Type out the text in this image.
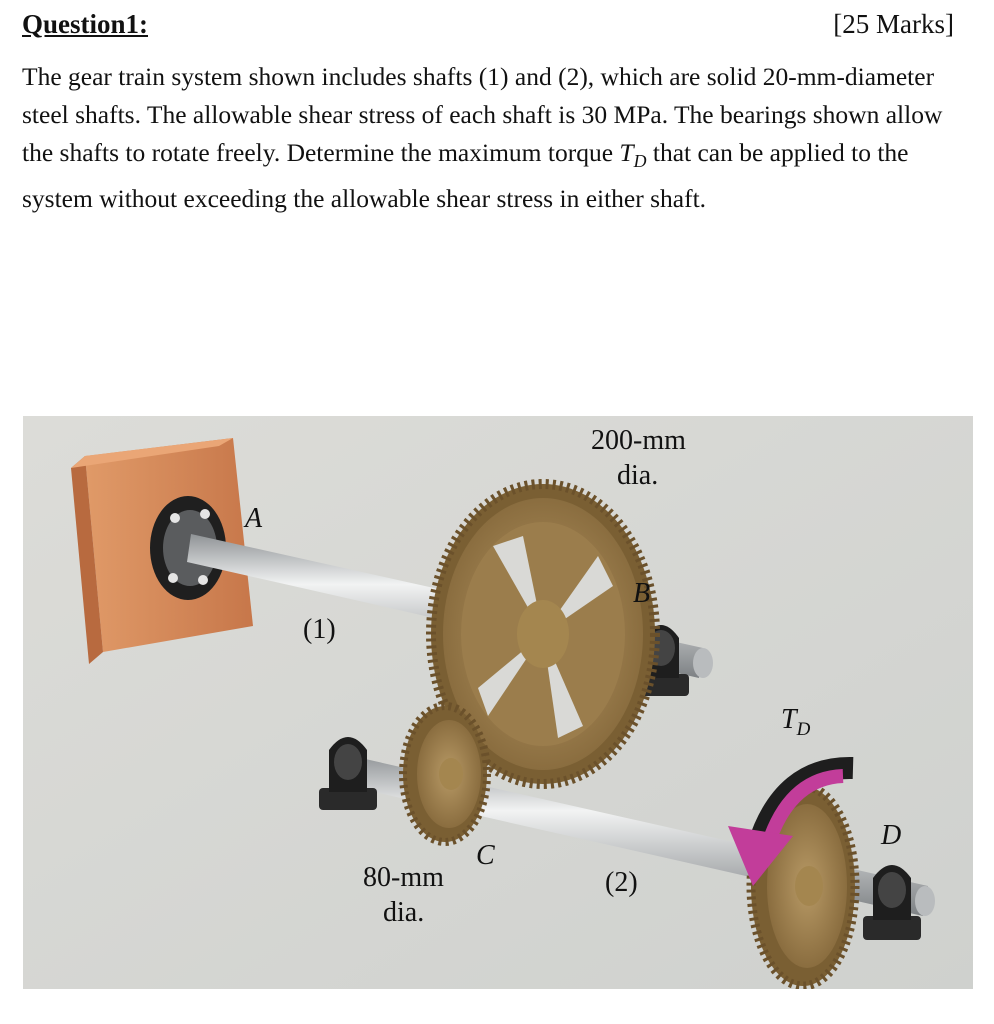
Question1:	[25 Marks]

The gear train system shown includes shafts (1) and (2), which are solid 20-mm-diameter steel shafts. The allowable shear stress of each shaft is 30 MPa. The bearings shown allow the shafts to rotate freely. Determine the maximum torque $T_D$ that can be applied to the system without exceeding the allowable shear stress in either shaft.

A
(1)
200-mm
dia.
B
C
80-mm
dia.
(2)
D
$T_D$
